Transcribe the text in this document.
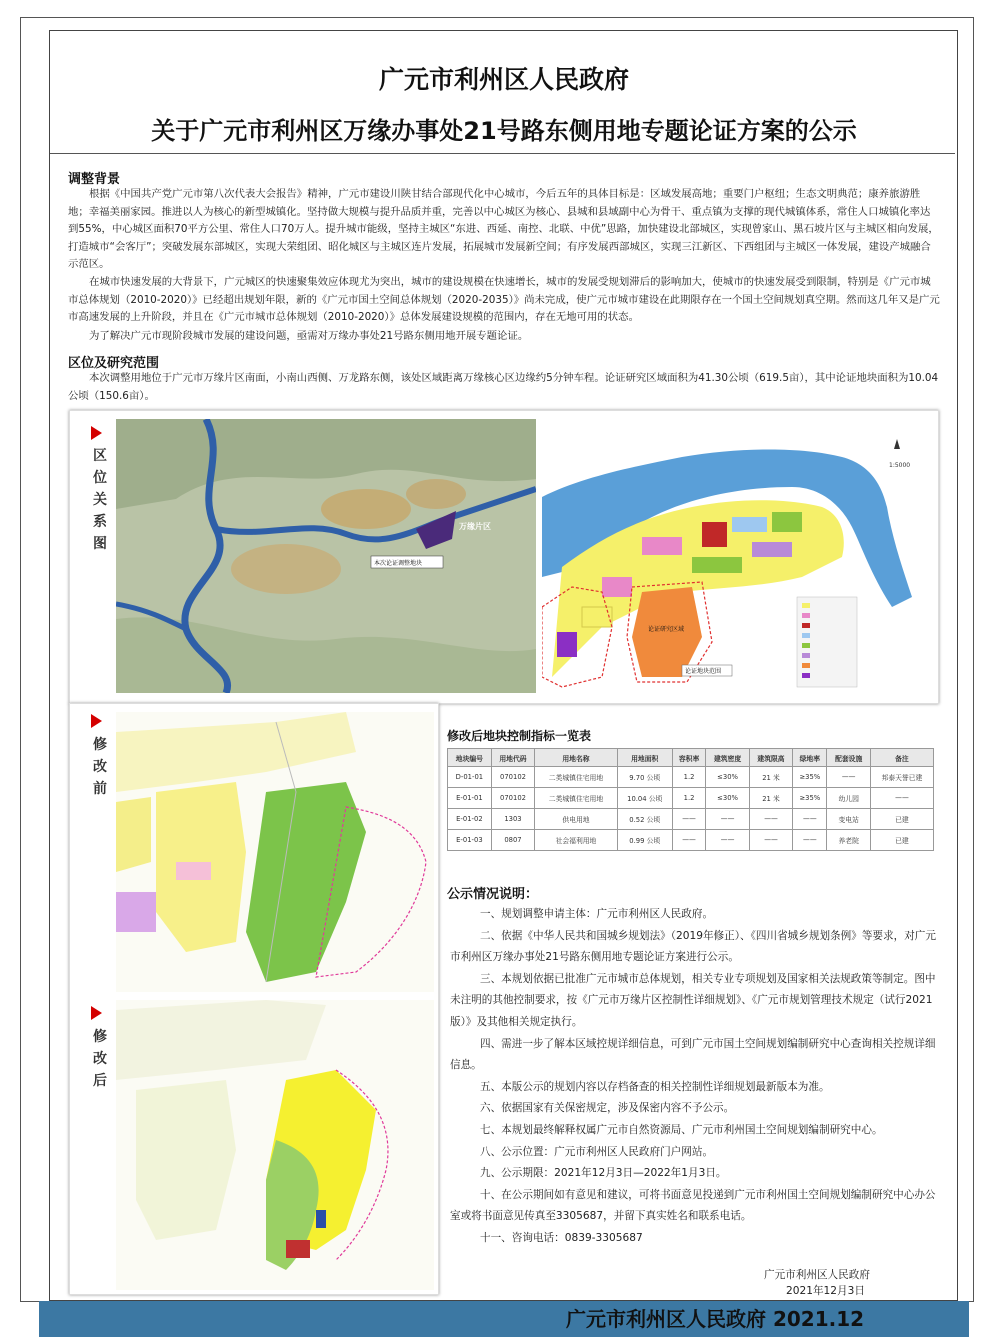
广元市利州区人民政府
关于广元市利州区万缘办事处21号路东侧用地专题论证方案的公示
调整背景
根据《中国共产党广元市第八次代表大会报告》精神，广元市建设川陕甘结合部现代化中心城市，今后五年的具体目标是：区域发展高地；重要门户枢纽；生态文明典范；康养旅游胜地；幸福美丽家园。推进以人为核心的新型城镇化。坚持做大规模与提升品质并重，完善以中心城区为核心、县城和县域副中心为骨干、重点镇为支撑的现代城镇体系，常住人口城镇化率达到55%，中心城区面积70平方公里、常住人口70万人。提升城市能级，坚持主城区“东进、西延、南控、北联、中优”思路，加快建设北部城区，实现曾家山、黑石坡片区与主城区相向发展，打造城市“会客厅”；突破发展东部城区，实现大荣组团、昭化城区与主城区连片发展，拓展城市发展新空间；有序发展西部城区，实现三江新区、下西组团与主城区一体发展，建设产城融合示范区。
在城市快速发展的大背景下，广元城区的快速聚集效应体现尤为突出，城市的建设规模在快速增长，城市的发展受规划滞后的影响加大，使城市的快速发展受到限制，特别是《广元市城市总体规划（2010-2020）》已经超出规划年限，新的《广元市国土空间总体规划（2020-2035）》尚未完成，使广元市城市建设在此期限存在一个国土空间规划真空期。然而这几年又是广元市高速发展的上升阶段，并且在《广元市城市总体规划（2010-2020）》总体发展建设规模的范围内，存在无地可用的状态。
为了解决广元市现阶段城市发展的建设问题，亟需对万缘办事处21号路东侧用地开展专题论证。
区位及研究范围
本次调整用地位于广元市万缘片区南面，小南山西侧、万龙路东侧，该处区域距离万缘核心区边缘约5分钟车程。论证研究区域面积为41.30公顷（619.5亩），其中论证地块面积为10.04公顷（150.6亩）。
区位关系图
本次论证调整地块
万缘片区
论证地块范围
论证研究区域
1:5000
修改前
修改后
修改后地块控制指标一览表
地块编号	用地代码	用地名称	用地面积	容积率	建筑密度	建筑限高	绿地率	配套设施	备注
D-01-01	070102	二类城镇住宅用地	9.70 公顷	1.2	≤30%	21 米	≥35%	——	邦泰天誉已建
E-01-01	070102	二类城镇住宅用地	10.04 公顷	1.2	≤30%	21 米	≥35%	幼儿园	——
E-01-02	1303	供电用地	0.52 公顷	——	——	——	——	变电站	已建
E-01-03	0807	社会福利用地	0.99 公顷	——	——	——	——	养老院	已建
公示情况说明：

一、规划调整申请主体：广元市利州区人民政府。

二、依据《中华人民共和国城乡规划法》（2019年修正）、《四川省城乡规划条例》等要求，对广元市利州区万缘办事处21号路东侧用地专题论证方案进行公示。

三、本规划依据已批准广元市城市总体规划，相关专业专项规划及国家相关法规政策等制定。图中未注明的其他控制要求，按《广元市万缘片区控制性详细规划》、《广元市规划管理技术规定（试行2021版）》及其他相关规定执行。

四、需进一步了解本区域控规详细信息，可到广元市国土空间规划编制研究中心查询相关控规详细信息。

五、本版公示的规划内容以存档备查的相关控制性详细规划最新版本为准。

六、依据国家有关保密规定，涉及保密内容不予公示。

七、本规划最终解释权属广元市自然资源局、广元市利州国土空间规划编制研究中心。

八、公示位置：广元市利州区人民政府门户网站。

九、公示期限：2021年12月3日—2022年1月3日。

十、在公示期间如有意见和建议，可将书面意见投递到广元市利州国土空间规划编制研究中心办公室或将书面意见传真至3305687，并留下真实姓名和联系电话。

十一、咨询电话：0839-3305687

广元市利州区人民政府
2021年12月3日
广元市利州区人民政府 2021.12
